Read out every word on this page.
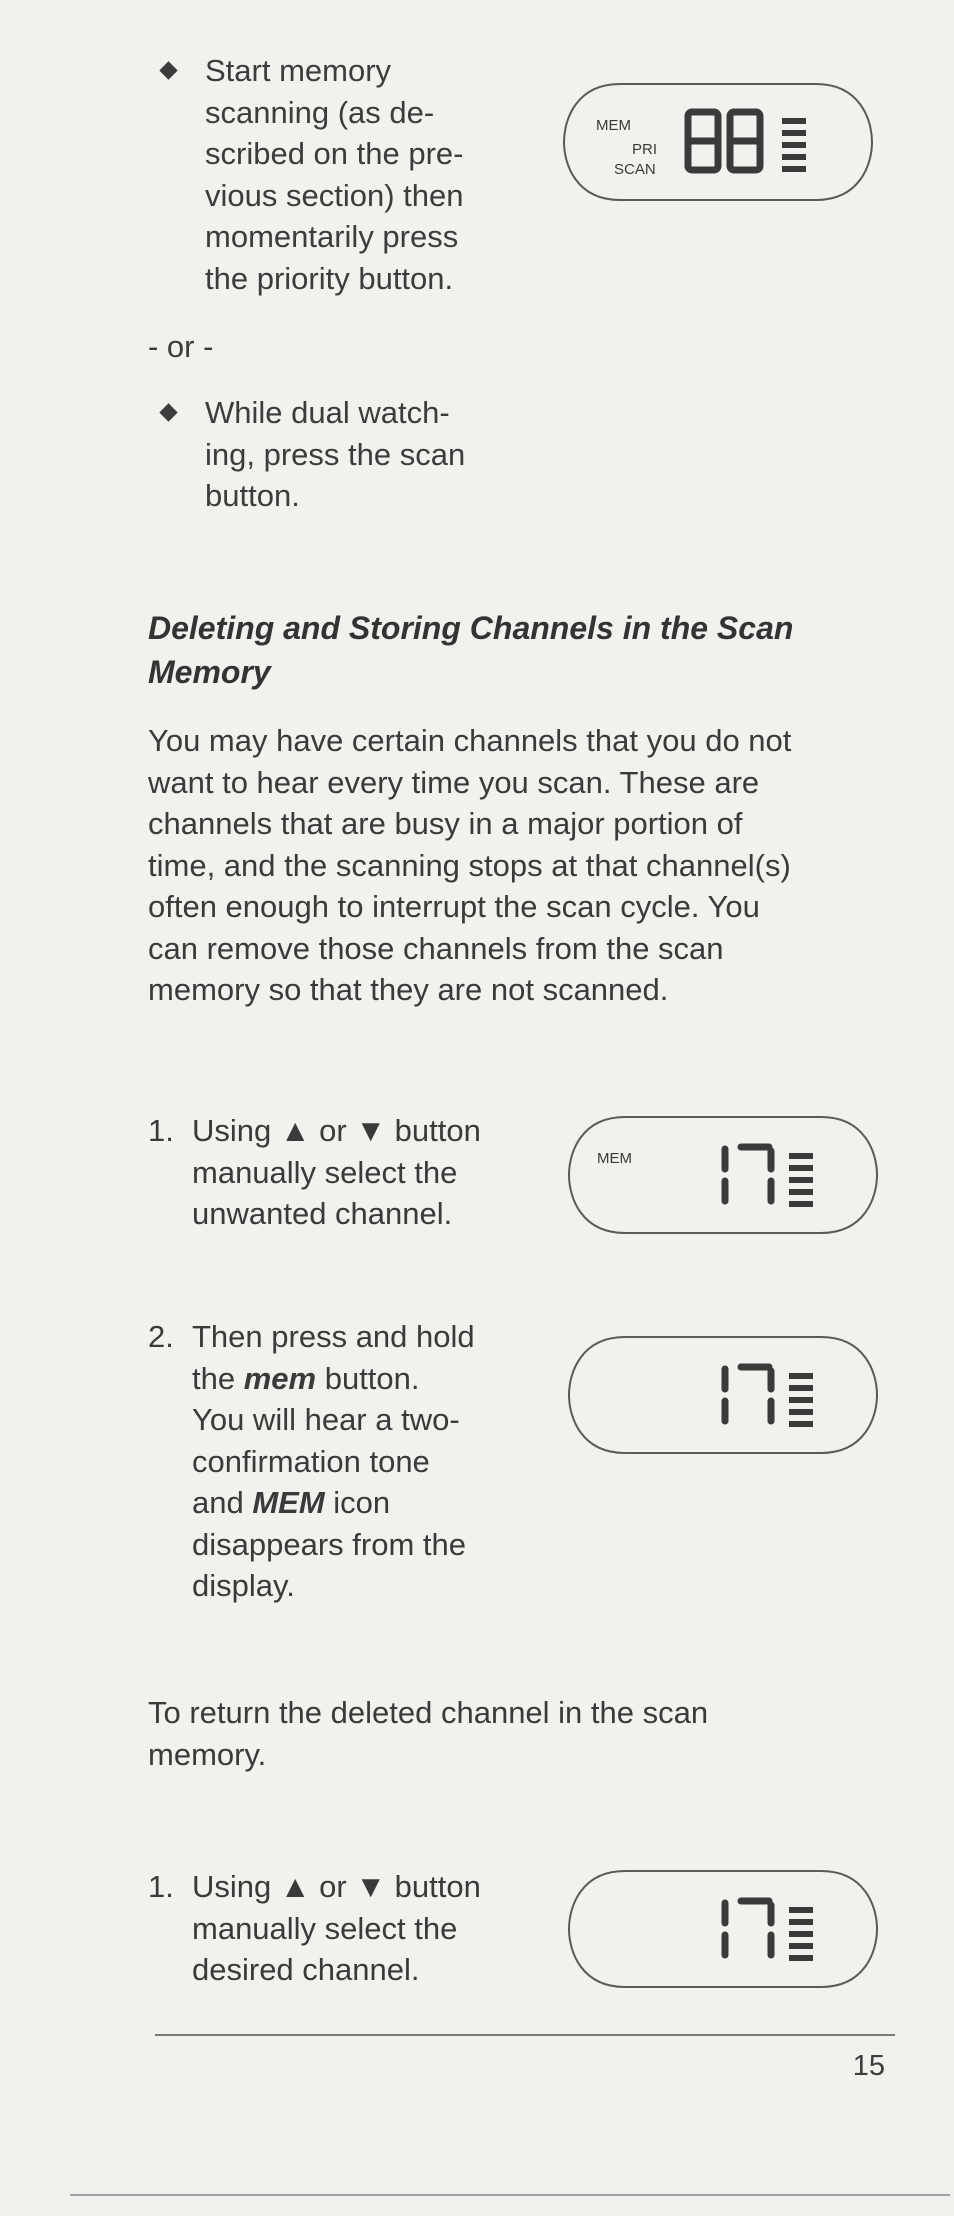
Start memory
scanning (as de-
scribed on the pre-
vious section) then
momentarily press
the priority button.
MEM
PRI
SCAN
88
- or -
While dual watch-
ing, press the scan
button.
Deleting and Storing Channels in the Scan
Memory
You may have certain channels that you do not
want to hear every time you scan. These are
channels that are busy in a major portion of
time, and the scanning stops at that channel(s)
often enough to interrupt the scan cycle. You
can remove those channels from the scan
memory so that they are not scanned.
1. Using ▲ or ▼ button
manually select the
unwanted channel.
MEM
17
2. Then press and hold
the mem button.
You will hear a two-
confirmation tone
and MEM icon
disappears from the
display.
17
To return the deleted channel in the scan
memory.
1. Using ▲ or ▼ button
manually select the
desired channel.
17
15
